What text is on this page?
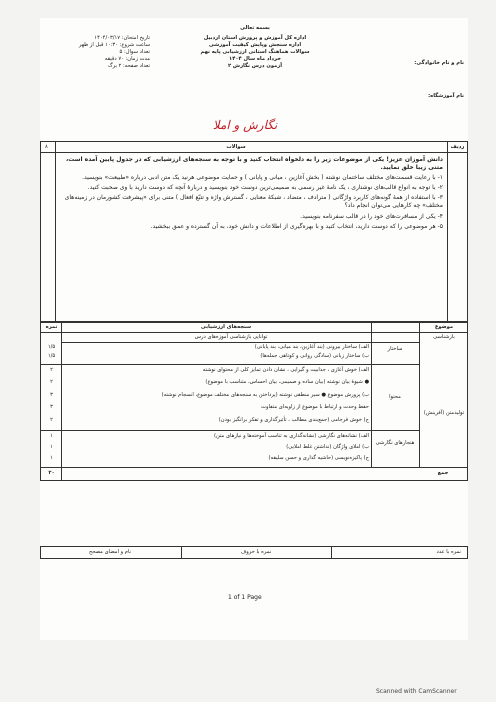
بسمه تعالی
اداره کل آموزش و پرورش استان اردبیل
اداره سنجش وپایش کیفیت آموزشی
سوالات هماهنگ استانی ارزشیابی پایه نهم
خرداد ماه سال ۱۴۰۴
آزمون درس نگارش ۲
تاریخ امتحان: ۱۴۰۴/۰۳/۱۷
ساعت شروع: ۱۰:۳۰ قبل از ظهر
تعداد سوال: ۵
مدت زمان: ۷۰ دقیقه
تعداد صفحه: ۲ برگ
نام و نام خانوادگی:
نام آموزشگاه:
نگارش و املا
۸	سوالات	ردیف
دانش آموزان عزیز! یکی از موضوعات زیر را به دلخواه انتخاب کنید و با توجه به سنجه‌های ارزشیابی که در جدول پایین آمده است، متنی زیبا خلق نمایید.
۱- با رعایت قسمت‌های مختلف ساختمان نوشته ( بخش آغازین ، میانی و پایانی ) و حمایت موضوعی هرنید یک متن ادبی درباره «طبیعت» بنویسید.
۲- با توجه به انواع قالب‌های نوشتاری ، یک نامهٔ غیر رسمی به صمیمی‌ترین دوست خود بنویسید و دربارهٔ آنچه که دوست دارید با وی صحبت کنید.
۳- با استفاده از همهٔ گونه‌های کاربرد واژگانی ( مترادف ، متضاد ، شبکهٔ معنایی ، گسترش واژه و تتبّع افعال ) متنی برای «پیشرفت کشورمان در زمینه‌های مختلف» چه کارهایی می‌توان انجام داد؟
۴- یکی از مسافرت‌های خود را در قالب سفرنامه بنویسید.
۵- هر موضوعی را که دوست دارید، انتخاب کنید و با بهره‌گیری از اطلاعات و دانش خود، به آن گسترده و عمق ببخشید.
نمره	سنجه‌های ارزشیابی	موضوع
توانایی بازشناسی آموزه‌های درس	بازشناسی
تولیدمتن (آفرینش)
ساختار
الف) ساختار بیرونی (بند آغازین، بند میانی، بند پایانی)
۱/۵
ب) ساختار زبانی (سادگی روانی و کوتاهی جمله‌ها)
۱/۵
محتوا
الف) خوش آغازی ، جذابیت و گیرایی ، نشان دادن تمایز کلی از محتوای نوشته
۲
● شیوهٔ بیان نوشته (بیان ساده و صمیمی، بیان احساس، متناسب با موضوع)
۲
ب) پرورش موضوع ● سیر منطقی نوشته (پرداختن به سنجه‌های مختلف موضوع، انسجام نوشته)
۳
حفظ وحدت و ارتباط با موضوع از زاویه‌ای متفاوت
۳
ج) خوش فرجامی (جمع‌بندی مطالب ، تأثیرگذاری و تفکر برانگیز بودن)
۲
هنجارهای نگارشی
الف) نشانه‌های نگارشی (نشانه‌گذاری به تناسب آموخته‌ها و نیازهای متن)
۱
ب) املای واژگان (نداشتن غلط املایی)
۱
ج) پاکیزه‌نویسی (حاشیه گذاری و حسن سلیقه)
۱
۲۰	جمع
نام و امضای مصحح	نمره با حروف	نمره با عدد
1 of 1 Page
Scanned with CamScanner
